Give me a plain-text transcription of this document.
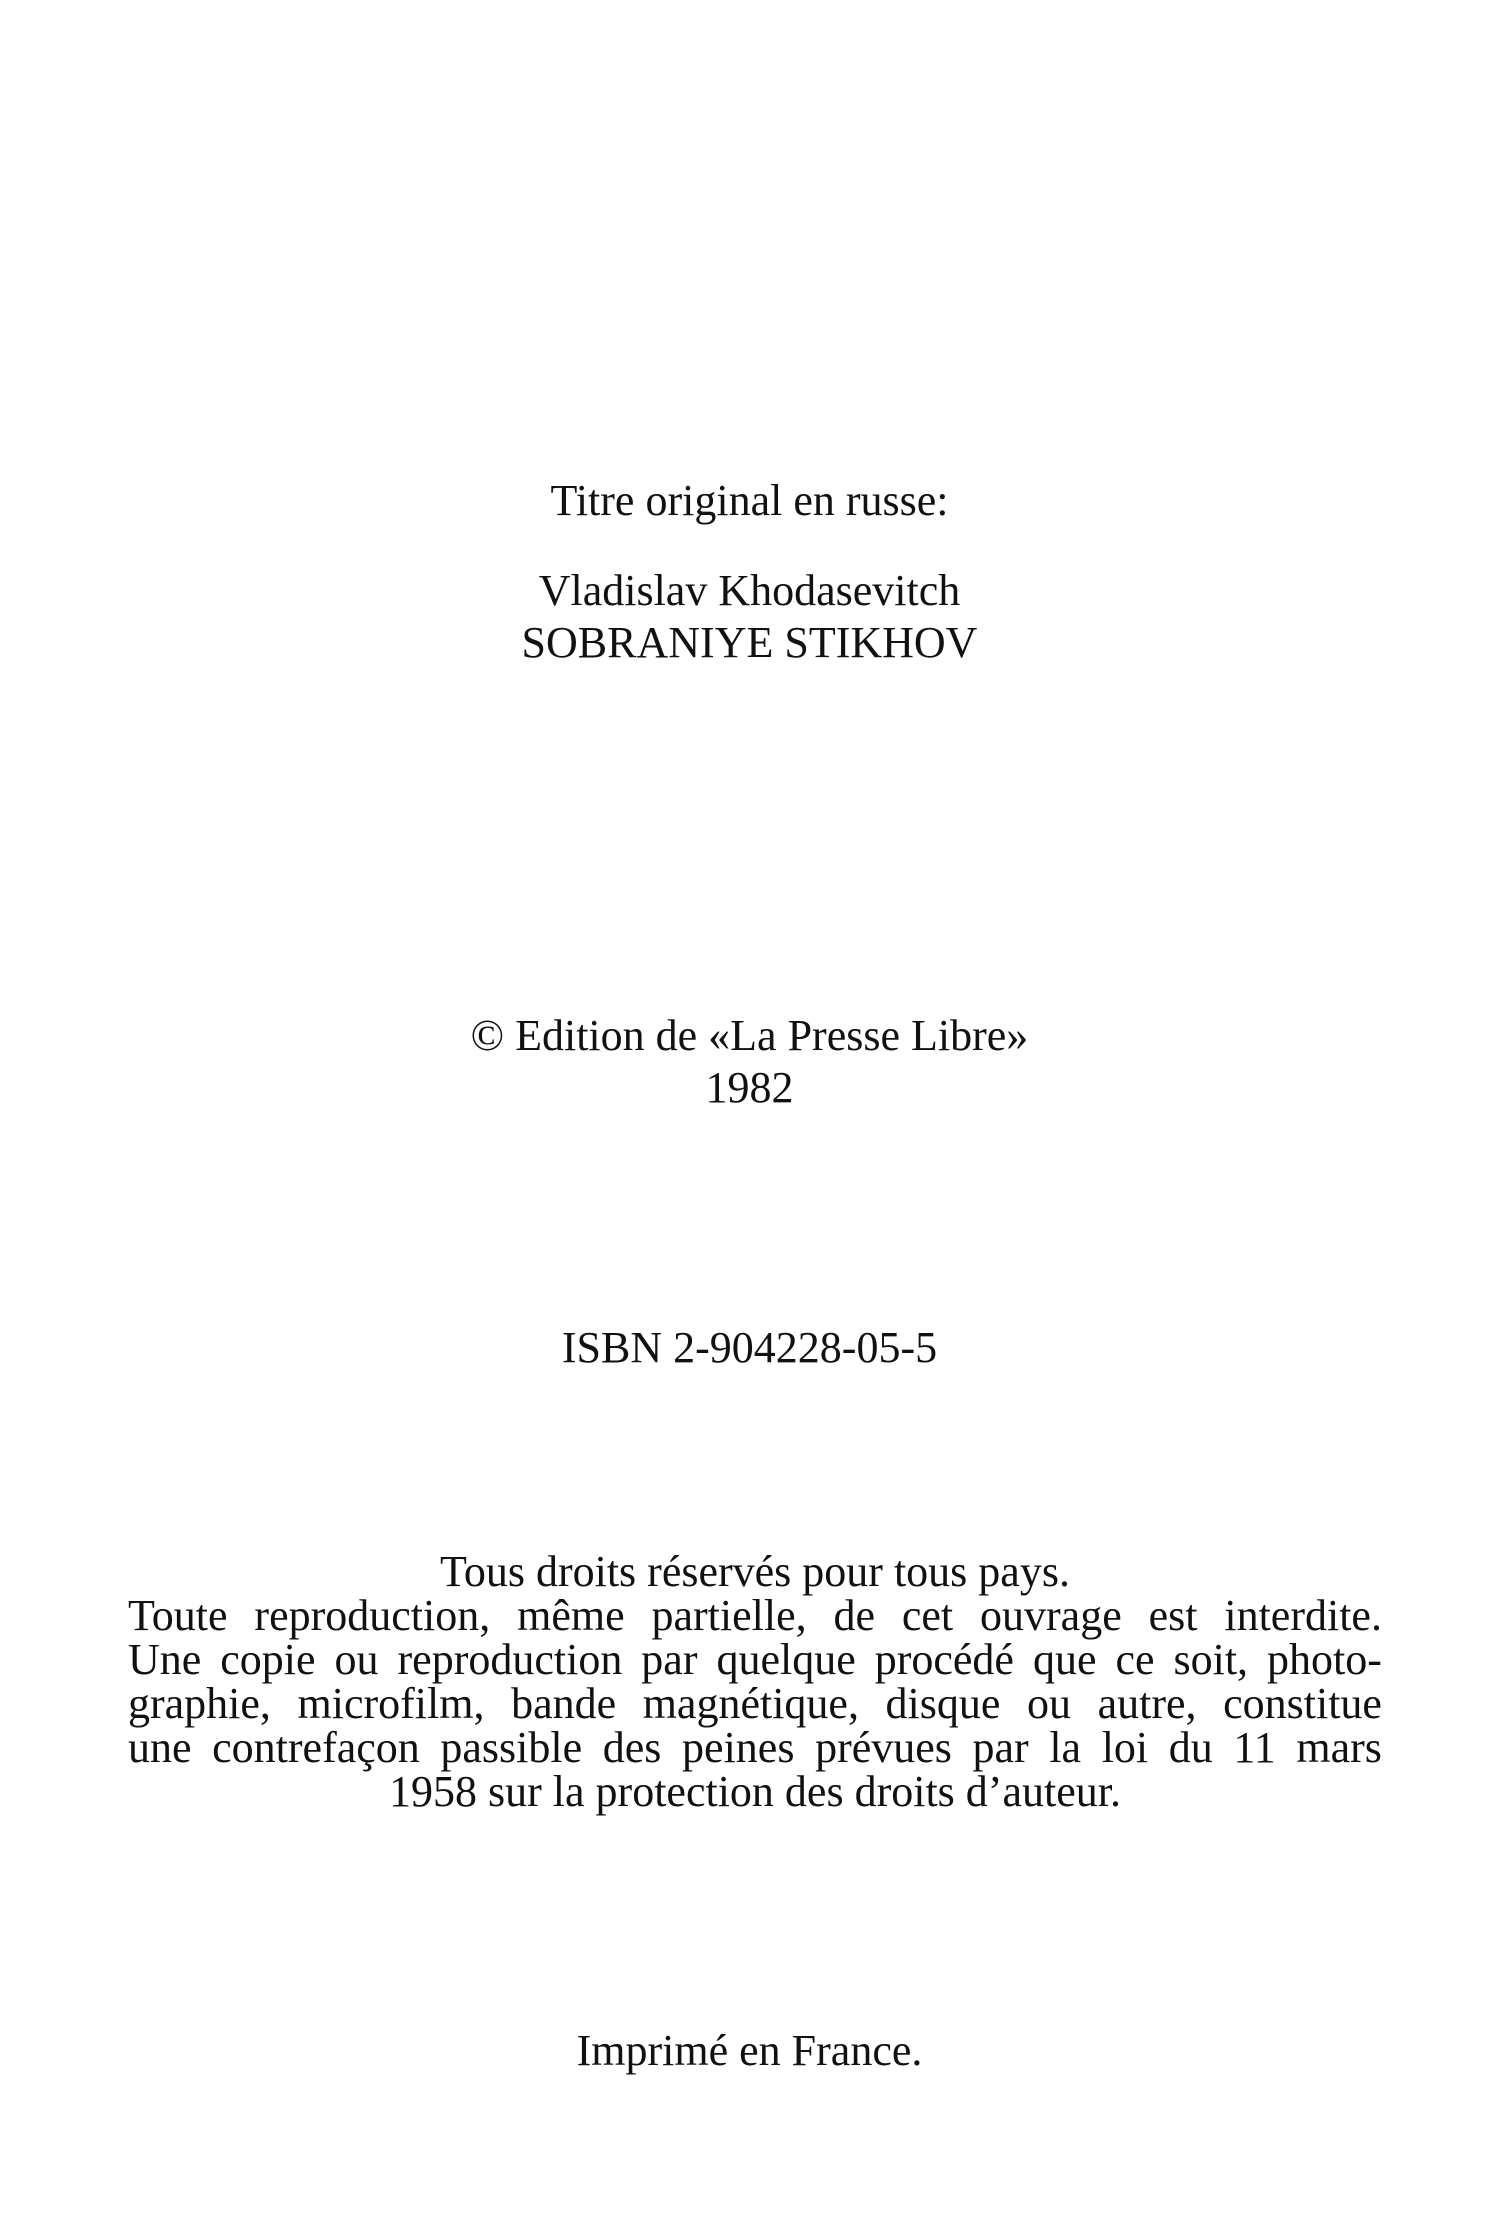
Titre original en russe:

Vladislav Khodasevitch

SOBRANIYE STIKHOV

© Edition de «La Presse Libre»

1982

ISBN 2-904228-05-5

Tous droits réservés pour tous pays.
Toute reproduction, même partielle, de cet ouvrage est interdite.
Une copie ou reproduction par quelque procédé que ce soit, photo-
graphie, microfilm, bande magnétique, disque ou autre, constitue
une contrefaçon passible des peines prévues par la loi du 11 mars
1958 sur la protection des droits d’auteur.

Imprimé en France.
